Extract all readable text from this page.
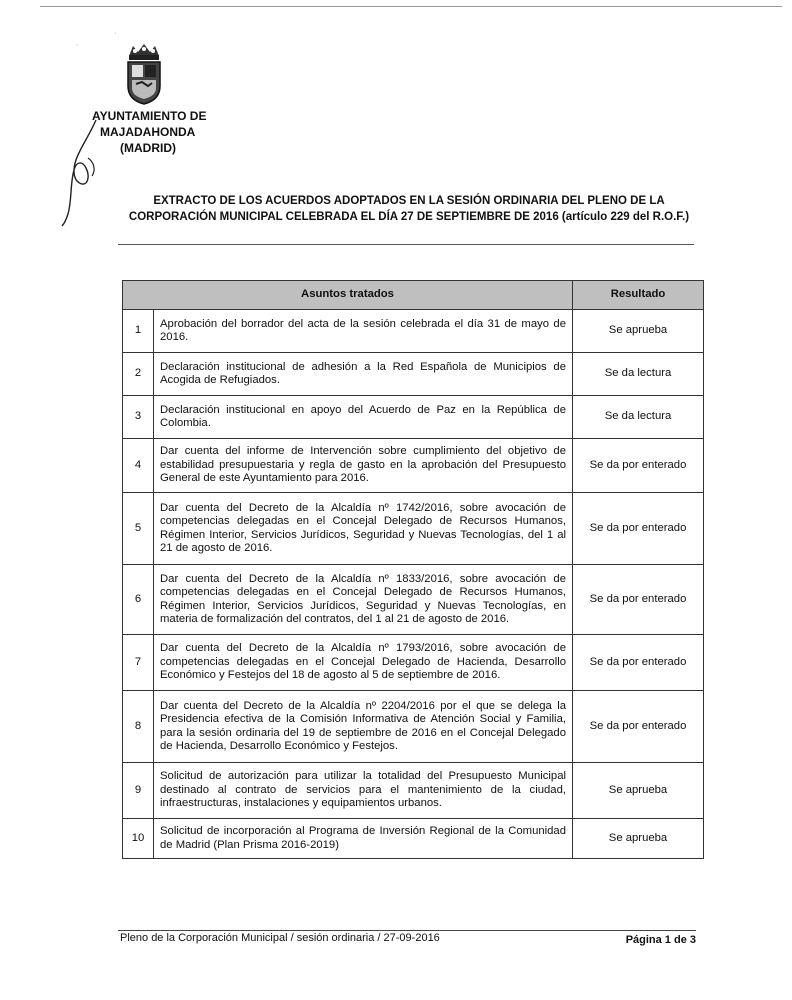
·
·
AYUNTAMIENTO DE
MAJADAHONDA
(MADRID)
EXTRACTO DE LOS ACUERDOS ADOPTADOS EN LA SESIÓN ORDINARIA DEL PLENO DE LA CORPORACIÓN MUNICIPAL CELEBRADA EL DÍA 27 DE SEPTIEMBRE DE 2016 (artículo 229 del R.O.F.)
Asuntos tratados		Resultado
1	Aprobación del borrador del acta de la sesión celebrada el día 31 de mayo de 2016.	Se aprueba
2	Declaración institucional de adhesión a la Red Española de Municipios de Acogida de Refugiados.	Se da lectura
3	Declaración institucional en apoyo del Acuerdo de Paz en la República de Colombia.	Se da lectura
4	Dar cuenta del informe de Intervención sobre cumplimiento del objetivo de estabilidad presupuestaria y regla de gasto en la aprobación del Presupuesto General de este Ayuntamiento para 2016.	Se da por enterado
5	Dar cuenta del Decreto de la Alcaldía nº 1742/2016, sobre avocación de competencias delegadas en el Concejal Delegado de Recursos Humanos, Régimen Interior, Servicios Jurídicos, Seguridad y Nuevas Tecnologías, del 1 al 21 de agosto de 2016.	Se da por enterado
6	Dar cuenta del Decreto de la Alcaldía nº 1833/2016, sobre avocación de competencias delegadas en el Concejal Delegado de Recursos Humanos, Régimen Interior, Servicios Jurídicos, Seguridad y Nuevas Tecnologías, en materia de formalización del contratos, del 1 al 21 de agosto de 2016.	Se da por enterado
7	Dar cuenta del Decreto de la Alcaldía nº 1793/2016, sobre avocación de competencias delegadas en el Concejal Delegado de Hacienda, Desarrollo Económico y Festejos del 18 de agosto al 5 de septiembre de 2016.	Se da por enterado
8	Dar cuenta del Decreto de la Alcaldía nº 2204/2016 por el que se delega la Presidencia efectiva de la Comisión Informativa de Atención Social y Familia, para la sesión ordinaria del 19 de septiembre de 2016 en el Concejal Delegado de Hacienda, Desarrollo Económico y Festejos.	Se da por enterado
9	Solicitud de autorización para utilizar la totalidad del Presupuesto Municipal destinado al contrato de servicios para el mantenimiento de la ciudad, infraestructuras, instalaciones y equipamientos urbanos.	Se aprueba
10	Solicitud de incorporación al Programa de Inversión Regional de la Comunidad de Madrid (Plan Prisma 2016-2019)	Se aprueba
Pleno de la Corporación Municipal / sesión ordinaria / 27-09-2016	Página 1 de 3
